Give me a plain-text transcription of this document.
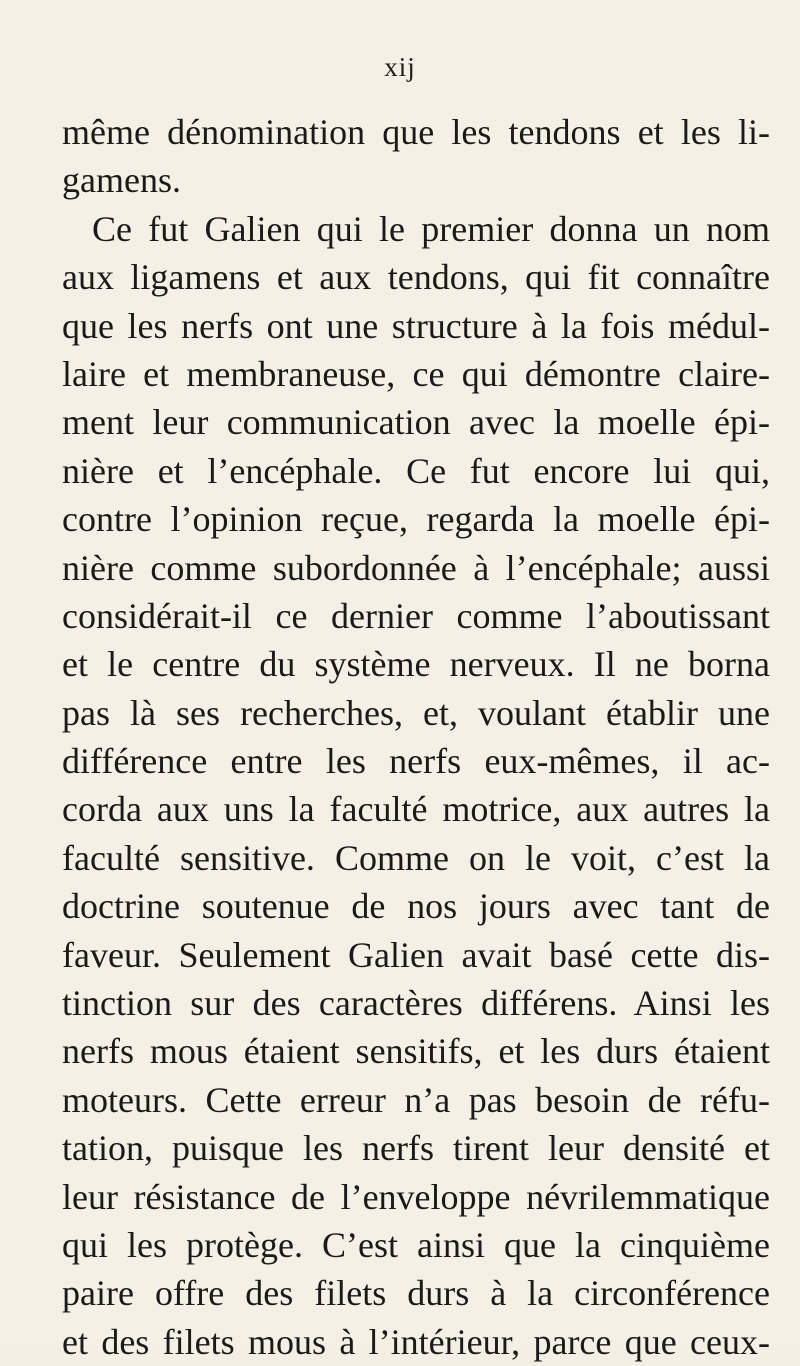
xij
même dénomination que les tendons et les li-
gamens.
Ce fut Galien qui le premier donna un nom
aux ligamens et aux tendons, qui fit connaître
que les nerfs ont une structure à la fois médul-
laire et membraneuse, ce qui démontre claire-
ment leur communication avec la moelle épi-
nière et l’encéphale. Ce fut encore lui qui,
contre l’opinion reçue, regarda la moelle épi-
nière comme subordonnée à l’encéphale; aussi
considérait-il ce dernier comme l’aboutissant
et le centre du système nerveux. Il ne borna
pas là ses recherches, et, voulant établir une
différence entre les nerfs eux-mêmes, il ac-
corda aux uns la faculté motrice, aux autres la
faculté sensitive. Comme on le voit, c’est la
doctrine soutenue de nos jours avec tant de
faveur. Seulement Galien avait basé cette dis-
tinction sur des caractères différens. Ainsi les
nerfs mous étaient sensitifs, et les durs étaient
moteurs. Cette erreur n’a pas besoin de réfu-
tation, puisque les nerfs tirent leur densité et
leur résistance de l’enveloppe névrilemmatique
qui les protège. C’est ainsi que la cinquième
paire offre des filets durs à la circonférence
et des filets mous à l’intérieur, parce que ceux-
